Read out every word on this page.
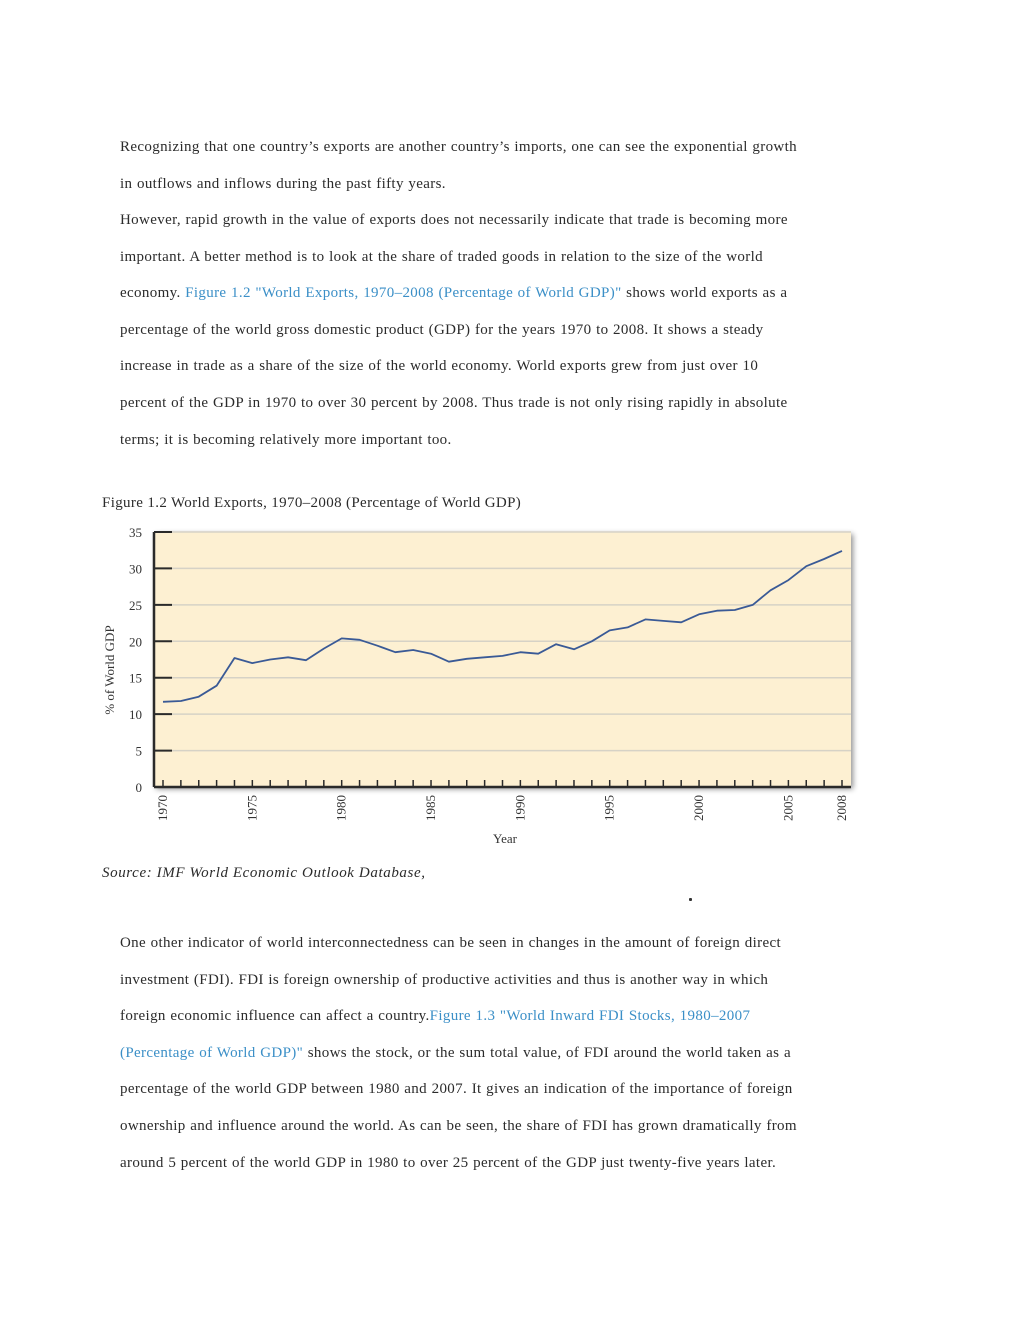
Recognizing that one country’s exports are another country’s imports, one can see the exponential growth
in outflows and inflows during the past fifty years.
However, rapid growth in the value of exports does not necessarily indicate that trade is becoming more
important. A better method is to look at the share of traded goods in relation to the size of the world
economy. Figure 1.2 "World Exports, 1970–2008 (Percentage of World GDP)" shows world exports as a
percentage of the world gross domestic product (GDP) for the years 1970 to 2008. It shows a steady
increase in trade as a share of the size of the world economy. World exports grew from just over 10
percent of the GDP in 1970 to over 30 percent by 2008. Thus trade is not only rising rapidly in absolute
terms; it is becoming relatively more important too.
Figure 1.2 World Exports, 1970–2008 (Percentage of World GDP)
0
5
10
15
20
25
30
35
1970	1975	1980	1985	1990	1995	2000	2005	2008
% of World GDP
Year
Source: IMF World Economic Outlook Database,
One other indicator of world interconnectedness can be seen in changes in the amount of foreign direct
investment (FDI). FDI is foreign ownership of productive activities and thus is another way in which
foreign economic influence can affect a country.Figure 1.3 "World Inward FDI Stocks, 1980–2007
(Percentage of World GDP)" shows the stock, or the sum total value, of FDI around the world taken as a
percentage of the world GDP between 1980 and 2007. It gives an indication of the importance of foreign
ownership and influence around the world. As can be seen, the share of FDI has grown dramatically from
around 5 percent of the world GDP in 1980 to over 25 percent of the GDP just twenty-five years later.
